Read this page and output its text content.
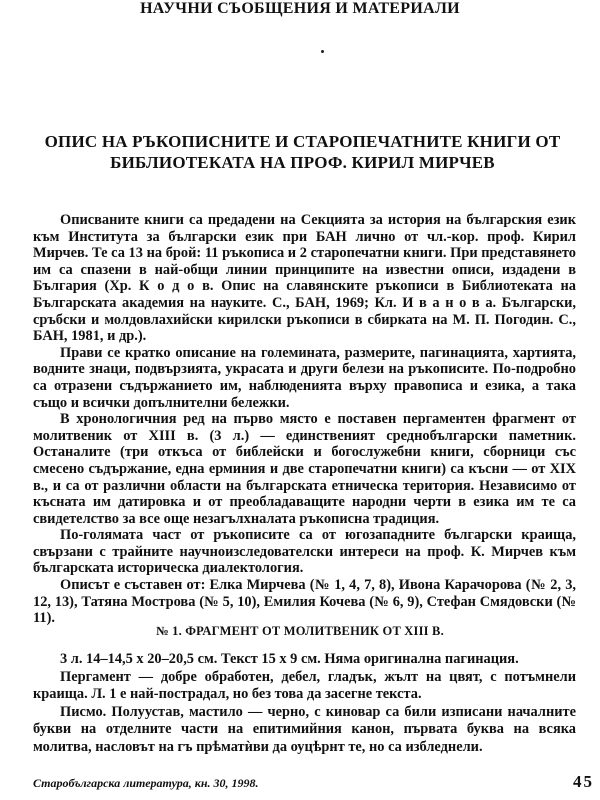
НАУЧНИ СЪОБЩЕНИЯ И МАТЕРИАЛИ
ОПИС НА РЪКОПИСНИТЕ И СТАРОПЕЧАТНИТЕ КНИГИ ОТ БИБЛИОТЕКАТА НА ПРОФ. КИРИЛ МИРЧЕВ

Описваните книги са предадени на Секцията за история на българския език към Института за български език при БАН лично от чл.-кор. проф. Кирил Мирчев. Те са 13 на брой: 11 ръкописа и 2 старопечатни книги. При представянето им са спазени в най-общи линии принципите на известни описи, издадени в България (Хр. К о д о в. Опис на славянските ръкописи в Библиотеката на Българската академия на науките. С., БАН, 1969; Кл. И в а н о в а. Български, сръбски и молдовлахийски кирилски ръкописи в сбирката на М. П. Погодин. С., БАН, 1981, и др.).

Прави се кратко описание на големината, размерите, пагинацията, хартията, водните знаци, подвързията, украсата и други белези на ръкописите. По-подробно са отразени съдържанието им, наблюденията върху правописа и езика, а така също и всички допълнителни бележки.

В хронологичния ред на първо място е поставен пергаментен фрагмент от молитвеник от XIII в. (3 л.) — единственият среднобългарски паметник. Останалите (три откъса от библейски и богослужебни книги, сборници със смесено съдържание, една ерминия и две старопечатни книги) са късни — от XIX в., и са от различни области на българската етническа територия. Независимо от късната им датировка и от преобладаващите народни черти в езика им те са свидетелство за все още незагълхналата ръкописна традиция.

По-голямата част от ръкописите са от югозападните български краища, свързани с трайните научноизследователски интереси на проф. К. Мирчев към българската историческа диалектология.

Описът е съставен от: Елка Мирчева (№ 1, 4, 7, 8), Ивона Карачорова (№ 2, 3, 12, 13), Татяна Мострова (№ 5, 10), Емилия Кочева (№ 6, 9), Стефан Смядовски (№ 11).

№ 1. ФРАГМЕНТ ОТ МОЛИТВЕНИК ОТ XIII В.

3 л. 14–14,5 х 20–20,5 см. Текст 15 х 9 см. Няма оригинална пагинация.

Пергамент — добре обработен, дебел, гладък, жълт на цвят, с потъмнели краища. Л. 1 е най-пострадал, но без това да засегне текста.

Писмо. Полуустав, мастило — черно, с киновар са били изписани началните букви на отделните части на епитимийния канон, първата буква на всяка молитва, насловът на гъ прѣматѝви да оуцѣрнт те, но са избледнели.

Старобългарска литература, кн. 30, 1998.	45
